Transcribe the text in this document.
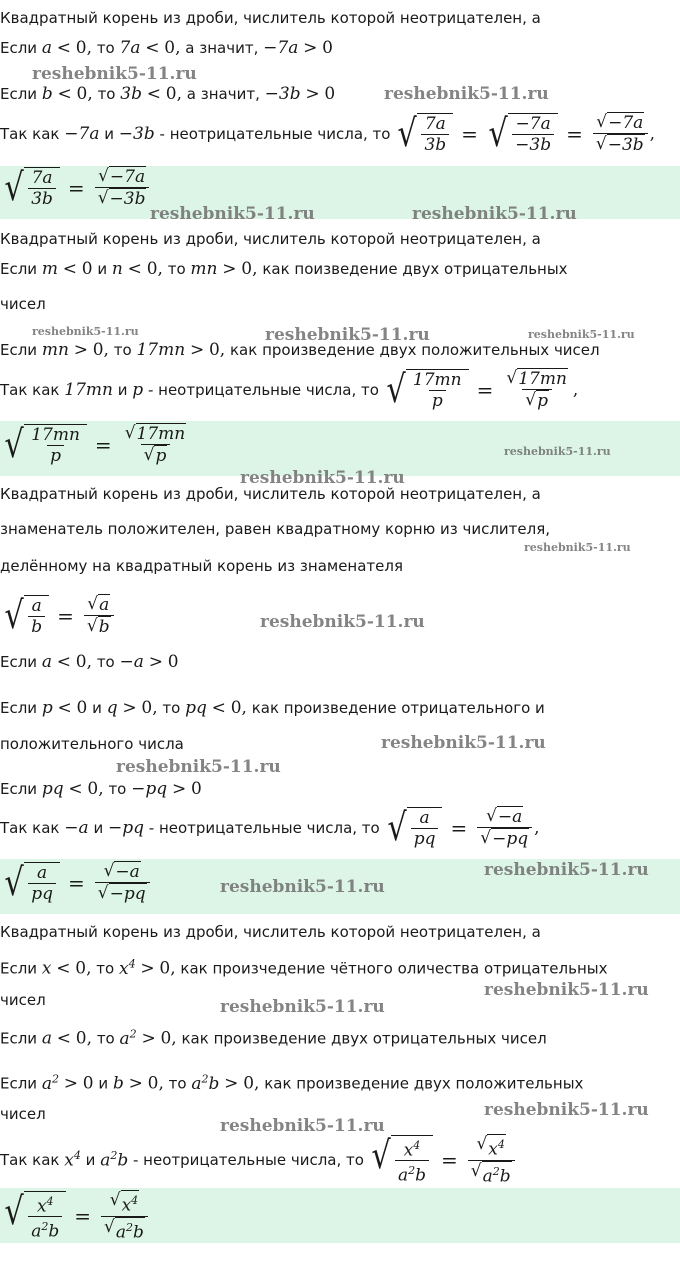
Квадратный корень из дроби, числитель которой неотрицателен, а
Если a < 0, то 7a < 0, а значит, −7a > 0
Если b < 0, то 3b < 0, а значит, −3b > 0
Так как
−7a
и
−3b
- неотрицательные числа, то
√ $\frac{7a}{3b}$ = √ $\frac{-7a}{-3b} = \frac{√ -7a}{√ -3b}$ ,
√ $\frac{7a}{3b} = \frac{√ -7a}{√ -3b}$
Квадратный корень из дроби, числитель которой неотрицателен, а
Если m < 0 и n < 0, то mn > 0, как поизведение двух отрицательных
чисел
Если mn > 0, то 17mn > 0, как произведение двух положительных чисел
Так как
17mn
и
p
- неотрицательные числа, то
√ $\frac{17mn}{p} = \frac{√ 17mn}{√ p}$ ,
√ $\frac{17mn}{p} = \frac{√ 17mn}{√ p}$
Квадратный корень из дроби, числитель которой неотрицателен, а
знаменатель положителен, равен квадратному корню из числителя,
делённому на квадратный корень из знаменателя
√ $\frac{a}{b} = \frac{√ a}{√ b}$
Если a < 0, то −a > 0
Если p < 0 и q > 0, то pq < 0, как произведение отрицательного и
положительного числа
Если pq < 0, то −pq > 0
Так как
−a
и
−pq
- неотрицательные числа, то
√ $\frac{a}{pq} = \frac{√ -a}{√ -pq}$ ,
√ $\frac{a}{pq} = \frac{√ -a}{√ -pq}$
Квадратный корень из дроби, числитель которой неотрицателен, а
Если x < 0, то $x^4 > 0$, как произчедение чётного оличества отрицательных
чисел
Если a < 0, то $a^2 > 0$, как произведение двух отрицательных чисел
Если $a^2 > 0$ и b > 0, то $a^2b > 0$, как произведение двух положительных
чисел
Так как
$x^4$
и
$a^2b$
- неотрицательные числа, то
√ $\frac{x^4}{a^2b} = \frac{√ x^4}{√ a^2b}$
√ $\frac{x^4}{a^2b} = \frac{√ x^4}{√ a^2b}$
reshebnik5-11.ru
reshebnik5-11.ru
reshebnik5-11.ru	reshebnik5-11.ru
reshebnik5-11.ru	reshebnik5-11.ru	reshebnik5-11.ru
reshebnik5-11.ru
reshebnik5-11.ru
reshebnik5-11.ru
reshebnik5-11.ru
reshebnik5-11.ru
reshebnik5-11.ru
reshebnik5-11.ru
reshebnik5-11.ru
reshebnik5-11.ru
reshebnik5-11.ru
reshebnik5-11.ru
reshebnik5-11.ru
